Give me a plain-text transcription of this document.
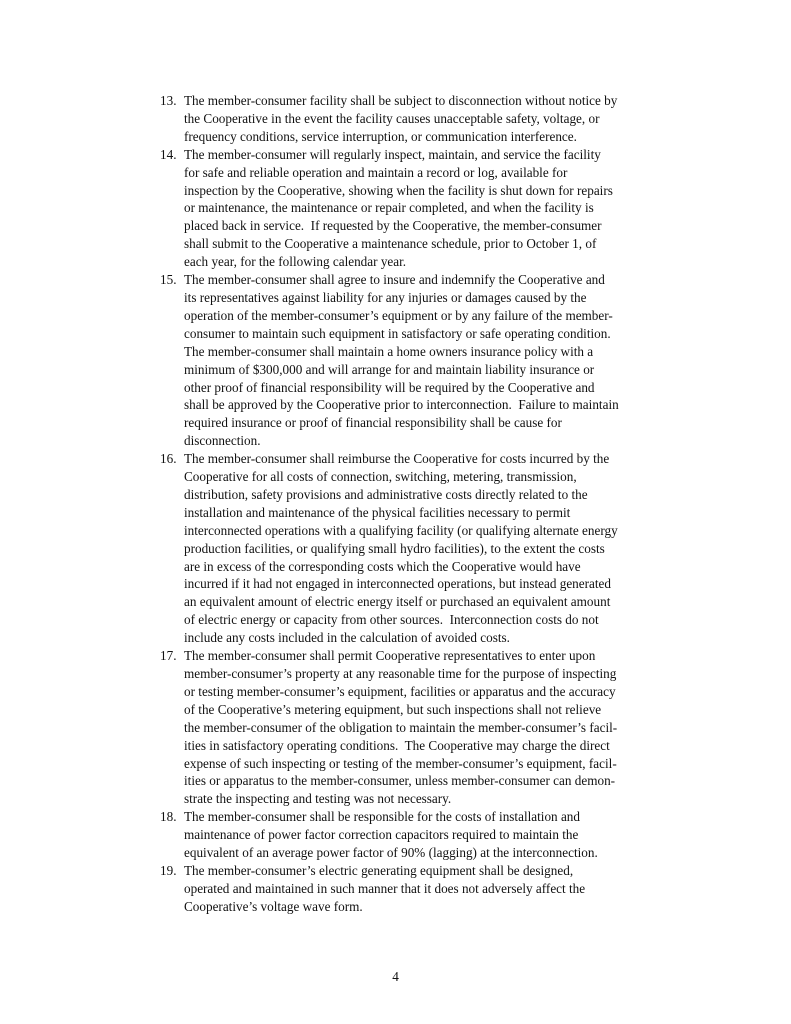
13. The member-consumer facility shall be subject to disconnection without notice by
the Cooperative in the event the facility causes unacceptable safety, voltage, or
frequency conditions, service interruption, or communication interference.
14. The member-consumer will regularly inspect, maintain, and service the facility
for safe and reliable operation and maintain a record or log, available for
inspection by the Cooperative, showing when the facility is shut down for repairs
or maintenance, the maintenance or repair completed, and when the facility is
placed back in service.  If requested by the Cooperative, the member-consumer
shall submit to the Cooperative a maintenance schedule, prior to October 1, of
each year, for the following calendar year.
15. The member-consumer shall agree to insure and indemnify the Cooperative and
its representatives against liability for any injuries or damages caused by the
operation of the member-consumer’s equipment or by any failure of the member-
consumer to maintain such equipment in satisfactory or safe operating condition.
The member-consumer shall maintain a home owners insurance policy with a
minimum of $300,000 and will arrange for and maintain liability insurance or
other proof of financial responsibility will be required by the Cooperative and
shall be approved by the Cooperative prior to interconnection.  Failure to maintain
required insurance or proof of financial responsibility shall be cause for
disconnection.
16. The member-consumer shall reimburse the Cooperative for costs incurred by the
Cooperative for all costs of connection, switching, metering, transmission,
distribution, safety provisions and administrative costs directly related to the
installation and maintenance of the physical facilities necessary to permit
interconnected operations with a qualifying facility (or qualifying alternate energy
production facilities, or qualifying small hydro facilities), to the extent the costs
are in excess of the corresponding costs which the Cooperative would have
incurred if it had not engaged in interconnected operations, but instead generated
an equivalent amount of electric energy itself or purchased an equivalent amount
of electric energy or capacity from other sources.  Interconnection costs do not
include any costs included in the calculation of avoided costs.
17. The member-consumer shall permit Cooperative representatives to enter upon
member-consumer’s property at any reasonable time for the purpose of inspecting
or testing member-consumer’s equipment, facilities or apparatus and the accuracy
of the Cooperative’s metering equipment, but such inspections shall not relieve
the member-consumer of the obligation to maintain the member-consumer’s facil-
ities in satisfactory operating conditions.  The Cooperative may charge the direct
expense of such inspecting or testing of the member-consumer’s equipment, facil-
ities or apparatus to the member-consumer, unless member-consumer can demon-
strate the inspecting and testing was not necessary.
18. The member-consumer shall be responsible for the costs of installation and
maintenance of power factor correction capacitors required to maintain the
equivalent of an average power factor of 90% (lagging) at the interconnection.
19. The member-consumer’s electric generating equipment shall be designed,
operated and maintained in such manner that it does not adversely affect the
Cooperative’s voltage wave form.
4
